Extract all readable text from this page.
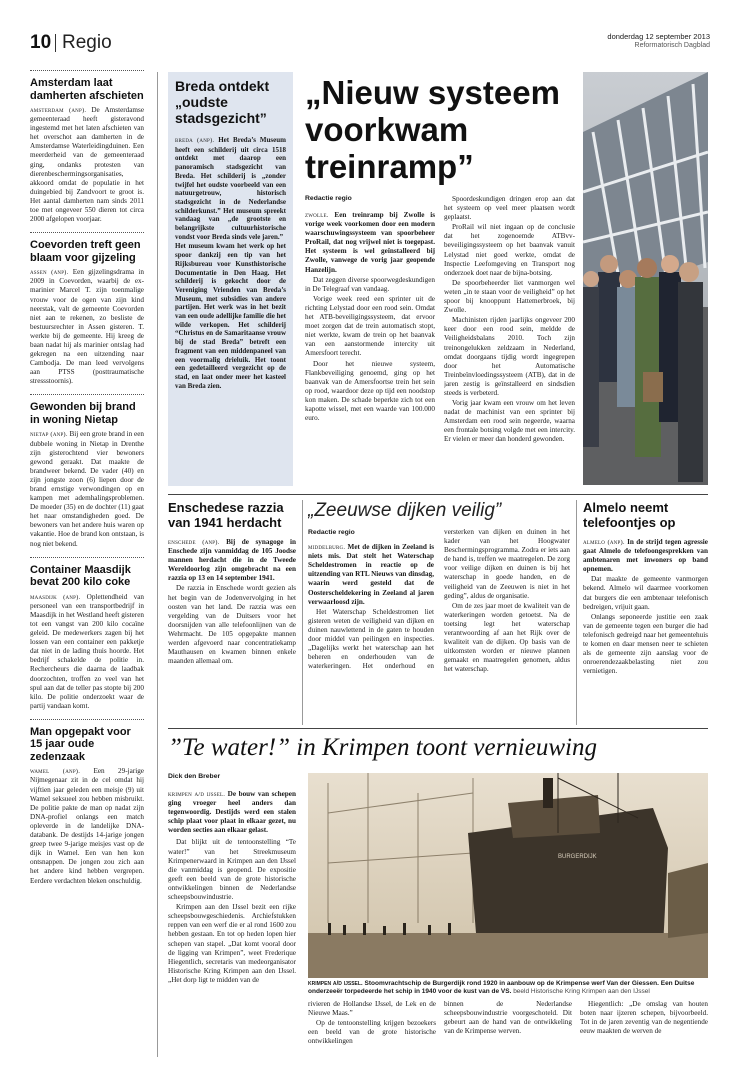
10 Regio	donderdag 12 september 2013
Reformatorisch Dagblad
Amsterdam laat damherten afschieten
amsterdam (anp). De Amsterdamse gemeenteraad heeft gisteravond ingestemd met het laten afschieten van het overschot aan damherten in de Amsterdamse Waterleidingduinen. Een meerderheid van de gemeenteraad ging, ondanks protesten van dierenbeschermingsorganisaties, akkoord omdat de populatie in het duingebied bij Zandvoort te groot is. Het aantal damherten nam sinds 2011 toe met ongeveer 550 dieren tot circa 2000 afgelopen voorjaar.
Coevorden treft geen blaam voor gijzeling
assen (anp). Een gijzelingsdrama in 2009 in Coevorden, waarbij de ex-marinier Marcel T. zijn toenmalige vrouw voor de ogen van zijn kind neerstak, valt de gemeente Coevorden niet aan te rekenen, zo besliste de bestuursrechter in Assen gisteren. T. werkte bij de gemeente. Hij kreeg de baan nadat hij als marinier ontslag had gekregen na een uitzending naar Cambodja. De man leed vervolgens aan PTSS (posttraumatische stressstoornis).
Gewonden bij brand in woning Nietap
nietap (anp). Bij een grote brand in een dubbele woning in Nietap in Drenthe zijn gisterochtend vier bewoners gewond geraakt. Dat maakte de brandweer bekend. De vader (40) en zijn jongste zoon (6) liepen door de brand ernstige verwondingen op en kampen met ademhalingsproblemen. De moeder (35) en de dochter (11) gaat het naar omstandigheden goed. De bewoners van het andere huis waren op vakantie. Hoe de brand kon ontstaan, is nog niet bekend.
Container Maasdijk bevat 200 kilo coke
maasdijk (anp). Oplettendheid van personeel van een transportbedrijf in Maasdijk in het Westland heeft gisteren tot een vangst van 200 kilo cocaïne geleid. De medewerkers zagen bij het lossen van een container een pakketje dat niet in de lading thuis hoorde. Het bedrijf schakelde de politie in. Rechercheurs die daarna de laadbak doorzochten, troffen zo veel van het spul aan dat de teller pas stopte bij 200 kilo. De politie onderzoekt waar de partij vandaan komt.
Man opgepakt voor 15 jaar oude zedenzaak
wamel (anp). Een 29-jarige Nijmegenaar zit in de cel omdat hij vijftien jaar geleden een meisje (9) uit Wamel seksueel zou hebben misbruikt. De politie pakte de man op nadat zijn DNA-profiel onlangs een match opleverde in de landelijke DNA-databank. De destijds 14-jarige jongen greep twee 9-jarige meisjes vast op de dijk in Wamel. Een van hen kon ontsnappen. De jongen zou zich aan het andere kind hebben vergrepen. Eerdere verdachten bleken onschuldig.
Breda ontdekt „oudste stadsgezicht”

breda (anp). Het Breda’s Museum heeft een schilderij uit circa 1518 ontdekt met daarop een panoramisch stadsgezicht van Breda. Het schilderij is „zonder twijfel het oudste voorbeeld van een natuurgetrouw, historisch stadsgezicht in de Nederlandse schilderkunst.” Het museum spreekt vandaag van „de grootste en belangrijkste cultuurhistorische vondst voor Breda sinds vele jaren.”

Het museum kwam het werk op het spoor dankzij een tip van het Rijksbureau voor Kunsthistorische Documentatie in Den Haag. Het schilderij is gekocht door de Vereniging Vrienden van Breda’s Museum, met subsidies van andere partijen. Het werk was in het bezit van een oude adellijke familie die het wilde verkopen. Het schilderij “Christus en de Samaritaanse vrouw bij de stad Breda” betreft een fragment van een middenpaneel van een voormalig drieluik. Het toont een gedetailleerd vergezicht op de stad, en laat onder meer het kasteel van Breda zien.

„Nieuw systeem voorkwam treinramp”
Redactie regio

zwolle. Een treinramp bij Zwolle is vorige week voorkomen door een modern waarschuwingssysteem van spoorbeheer ProRail, dat nog vrijwel niet is toegepast. Het systeem is wel geïnstalleerd bij Zwolle, vanwege de vorig jaar geopende Hanzelijn.

Dat zeggen diverse spoorwegdeskundigen in De Telegraaf van vandaag.

Vorige week reed een sprinter uit de richting Lelystad door een rood sein. Omdat het ATB-beveiligingssysteem, dat ervoor moet zorgen dat de trein automatisch stopt, niet werkte, kwam de trein op het baanvak van een aanstormende intercity uit Amersfoort terecht.

Door het nieuwe systeem, Flankbeveiliging genoemd, ging op het baanvak van de Amersfoortse trein het sein op rood, waardoor deze op tijd een noodstop kon maken. De schade beperkte zich tot een kapotte wissel, met een waarde van 100.000 euro.

Spoordeskundigen dringen erop aan dat het systeem op veel meer plaatsen wordt geplaatst.

ProRail wil niet ingaan op de conclusie dat het zogenoemde ATBvv-beveiligingssysteem op het baanvak vanuit Lelystad niet goed werkte, omdat de Inspectie Leefomgeving en Transport nog onderzoek doet naar de bijna-botsing.

De spoorbeheerder liet vanmorgen wel weten „in te staan voor de veiligheid” op het spoor bij knooppunt Hattemerbroek, bij Zwolle.

Machinisten rijden jaarlijks ongeveer 200 keer door een rood sein, meldde de Veiligheidsbalans 2010. Toch zijn treinongelukken zeldzaam in Nederland, omdat doorgaans tijdig wordt ingegrepen door het Automatische Treinbeïnvloedingssysteem (ATB), dat in de jaren zestig is geïnstalleerd en sindsdien steeds is verbeterd.

Vorig jaar kwam een vrouw om het leven nadat de machinist van een sprinter bij Amsterdam een rood sein negeerde, waarna een frontale botsing volgde met een intercity. Er vielen er meer dan honderd gewonden.

Enschedese razzia van 1941 herdacht

enschede (anp). Bij de synagoge in Enschede zijn vanmiddag de 105 Joodse mannen herdacht die in de Tweede Wereldoorlog zijn omgebracht na een razzia op 13 en 14 september 1941.

De razzia in Enschede wordt gezien als het begin van de Jodenvervolging in het oosten van het land. De razzia was een vergelding van de Duitsers voor het doorsnijden van alle telefoonlijnen van de Wehrmacht. De 105 opgepakte mannen werden afgevoerd naar concentratiekamp Mauthausen en kwamen binnen enkele maanden allemaal om.

„Zeeuwse dijken veilig”
Redactie regio

middelburg. Met de dijken in Zeeland is niets mis. Dat stelt het Waterschap Scheldestromen in reactie op de uitzending van RTL Nieuws van dinsdag, waarin werd gesteld dat de Oosterscheldekering in Zeeland al jaren verwaarloosd zijn.

Het Waterschap Scheldestromen liet gisteren weten de veiligheid van dijken en duinen nauwlettend in de gaten te houden door middel van peilingen en inspecties. „Dagelijks werkt het waterschap aan het beheren en onderhouden van de waterkeringen. Het onderhoud en versterken van dijken en duinen in het kader van het Hoogwater Beschermingsprogramma. Zodra er iets aan de hand is, treffen we maatregelen. De zorg voor veilige dijken en duinen is bij het waterschap in goede handen, en de veiligheid van de Zeeuwen is niet in het geding”, aldus de organisatie.

Om de zes jaar moet de kwaliteit van de waterkeringen worden getoetst. Na de toetsing legt het waterschap verantwoording af aan het Rijk over de kwaliteit van de dijken. Op basis van de uitkomsten worden er nieuwe plannen gemaakt en maatregelen genomen, aldus het waterschap.

Almelo neemt telefoontjes op

almelo (anp). In de strijd tegen agressie gaat Almelo de telefoongesprekken van ambtenaren met inwoners op band opnemen.

Dat maakte de gemeente vanmorgen bekend. Almelo wil daarmee voorkomen dat burgers die een ambtenaar telefonisch bedreigen, vrijuit gaan.

Onlangs seponeerde justitie een zaak van de gemeente tegen een burger die had telefonisch gedreigd naar het gemeentehuis te komen en daar mensen neer te schieten als de gemeente zijn aanslag voor de onroerendezaakbelasting niet zou vernietigen.

”Te water!” in Krimpen toont vernieuwing
Dick den Breber

krimpen a/d ijssel. De bouw van schepen ging vroeger heel anders dan tegenwoordig. Destijds werd een stalen schip plaat voor plaat in elkaar gezet, nu worden secties aan elkaar gelast.

Dat blijkt uit de tentoonstelling “Te water!” van het Streekmuseum Krimpenerwaard in Krimpen aan den IJssel die vanmiddag is geopend. De expositie geeft een beeld van de grote historische ontwikkelingen binnen de Nederlandse scheepsbouwindustrie.

Krimpen aan den IJssel bezit een rijke scheepsbouwgeschiedenis. Archiefstukken reppen van een werf die er al rond 1600 zou hebben gestaan. En tot op heden lopen hier schepen van stapel. „Dat komt vooral door de ligging van Krimpen”, weet Frederique Hiegentlich, secretaris van medeorganisator Historische Kring Krimpen aan den IJssel. „Het dorp ligt te midden van de

BURGERDIJK
krimpen a/d ijssel. Stoomvrachtschip de Burgerdijk rond 1920 in aanbouw op de Krimpense werf Van der Giessen. Een Duitse onderzeeër torpedeerde het schip in 1940 voor de kust van de VS. beeld Historische Kring Krimpen aan den IJssel

rivieren de Hollandse IJssel, de Lek en de Nieuwe Maas.”

Op de tentoonstelling krijgen bezoekers een beeld van de grote historische ontwikkelingen

binnen de Nederlandse scheepsbouwindustrie voorgeschoteld. Dit gebeurt aan de hand van de ontwikkeling van de Krimpense werven.

Hiegentlich: „De omslag van houten boten naar ijzeren schepen, bijvoorbeeld. Tot in de jaren zeventig van de negentiende eeuw maakten de werven de
